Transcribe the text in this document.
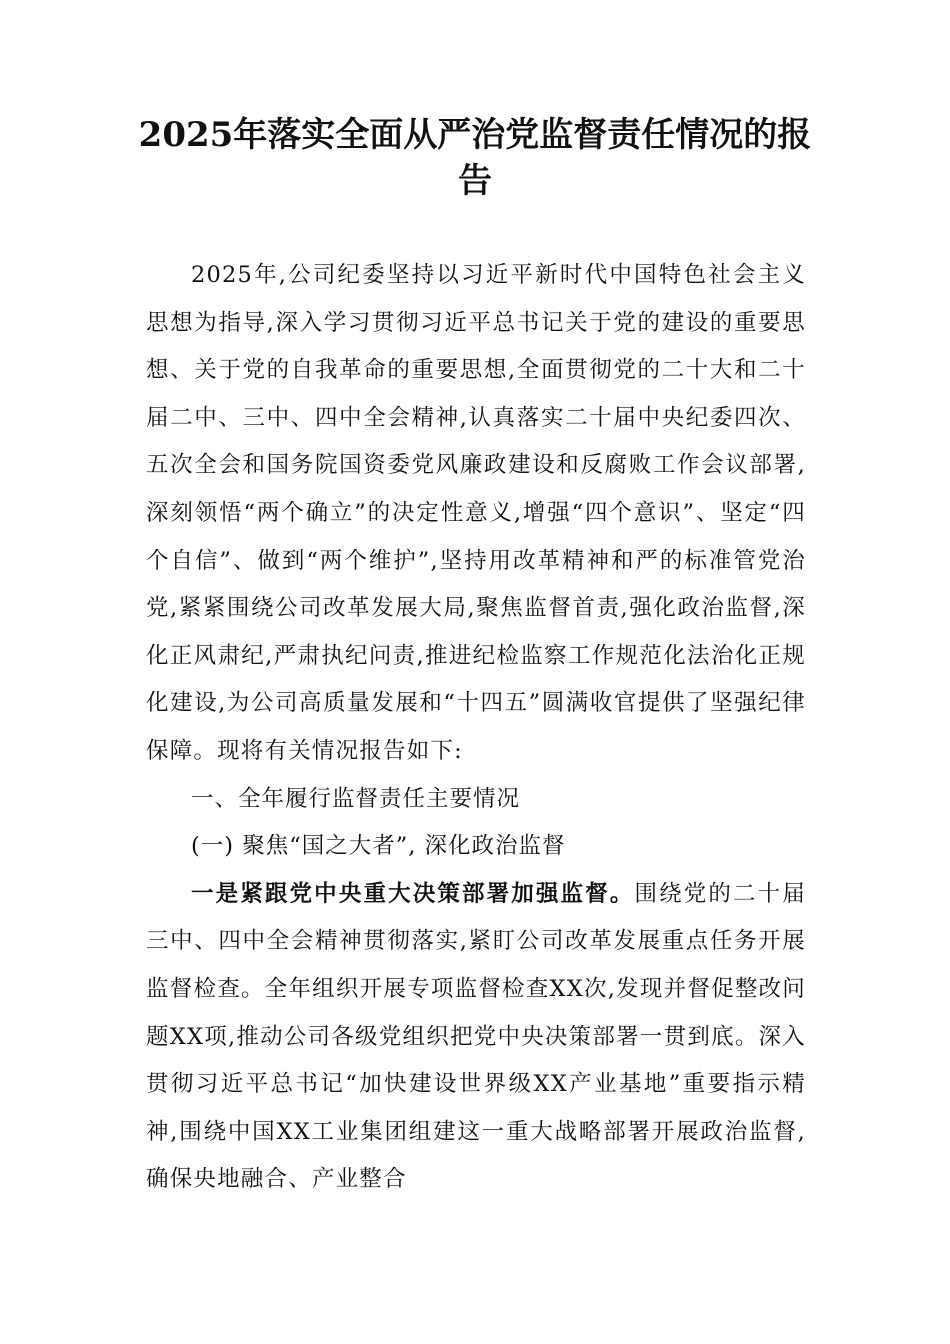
2025年落实全面从严治党监督责任情况的报告

2025年,公司纪委坚持以习近平新时代中国特色社会主义思想为指导,深入学习贯彻习近平总书记关于党的建设的重要思想、关于党的自我革命的重要思想,全面贯彻党的二十大和二十届二中、三中、四中全会精神,认真落实二十届中央纪委四次、五次全会和国务院国资委党风廉政建设和反腐败工作会议部署,深刻领悟“两个确立”的决定性意义,增强“四个意识”、坚定“四个自信”、做到“两个维护”,坚持用改革精神和严的标准管党治党,紧紧围绕公司改革发展大局,聚焦监督首责,强化政治监督,深化正风肃纪,严肃执纪问责,推进纪检监察工作规范化法治化正规化建设,为公司高质量发展和“十四五”圆满收官提供了坚强纪律保障。现将有关情况报告如下:

一、全年履行监督责任主要情况

(一) 聚焦“国之大者”, 深化政治监督

一是紧跟党中央重大决策部署加强监督。围绕党的二十届三中、四中全会精神贯彻落实,紧盯公司改革发展重点任务开展监督检查。全年组织开展专项监督检查XX次,发现并督促整改问题XX项,推动公司各级党组织把党中央决策部署一贯到底。深入贯彻习近平总书记“加快建设世界级XX产业基地”重要指示精神,围绕中国XX工业集团组建这一重大战略部署开展政治监督,确保央地融合、产业整合
